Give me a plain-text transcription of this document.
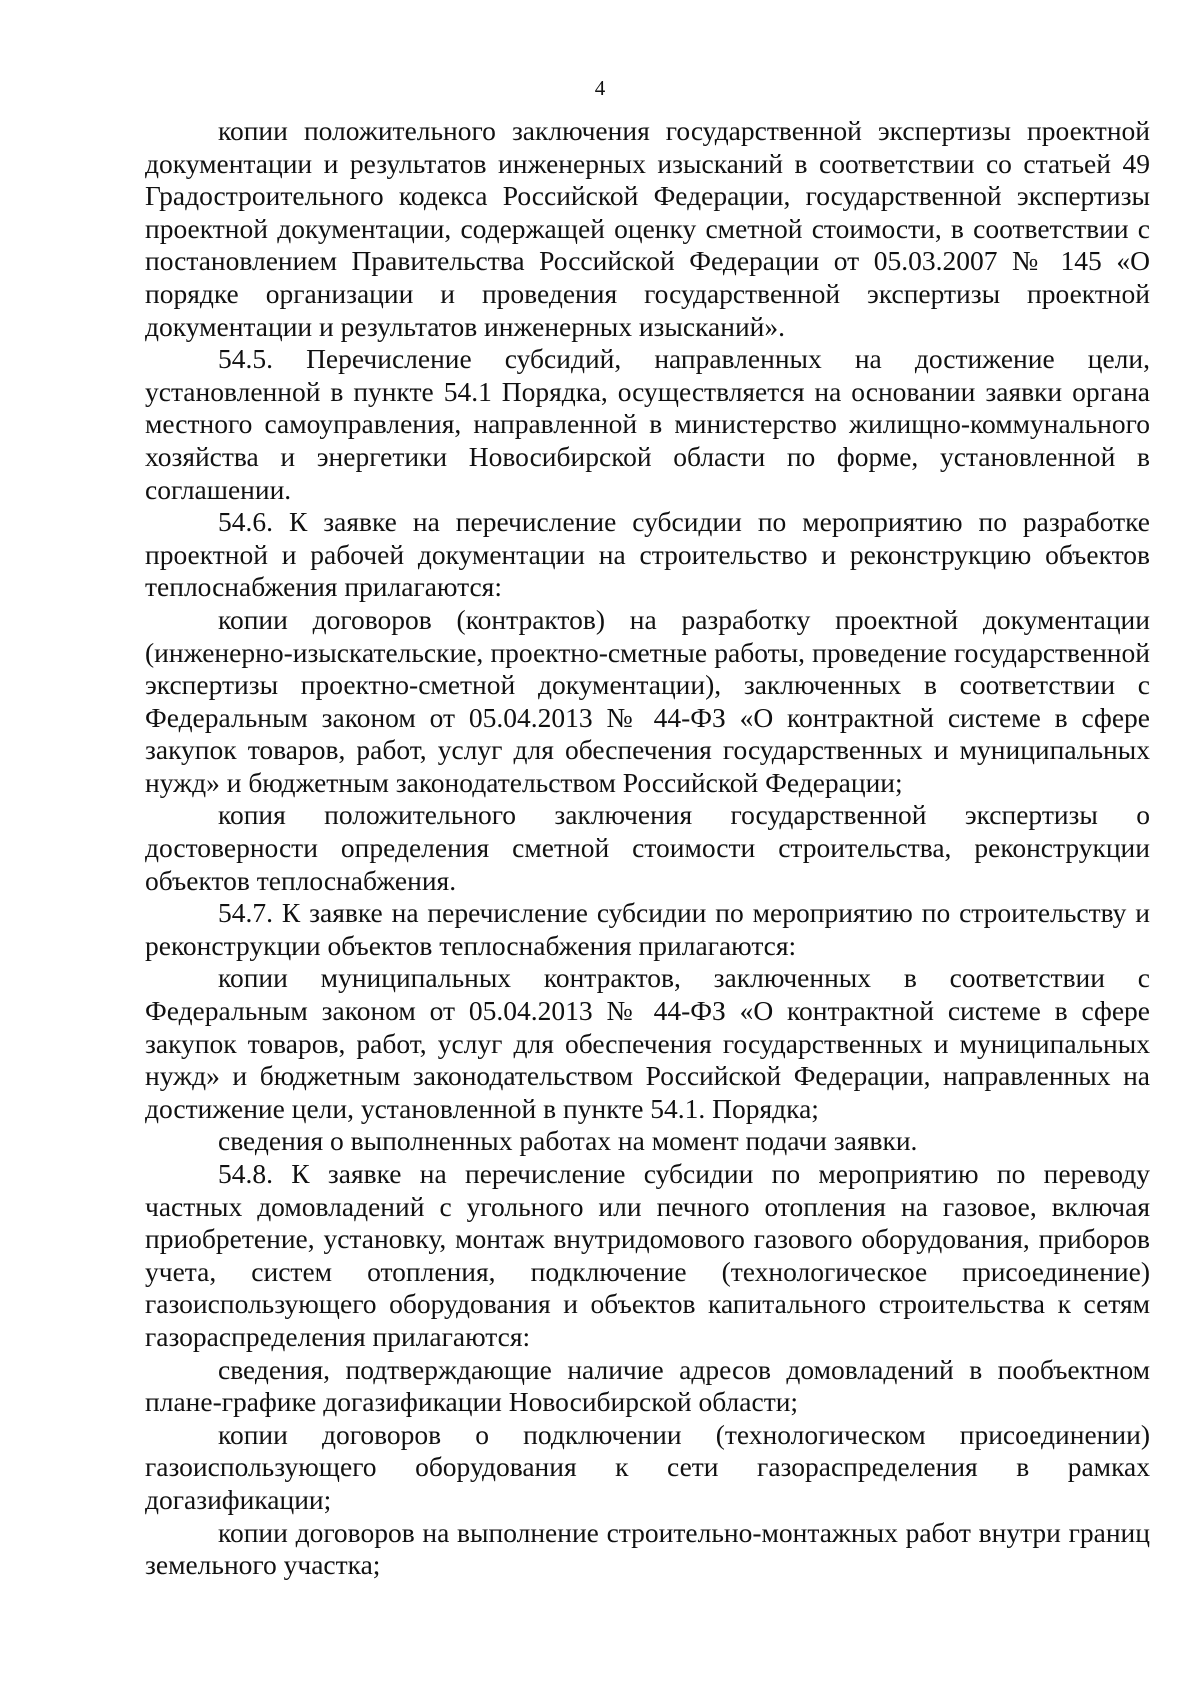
4

копии положительного заключения государственной экспертизы проектной документации и результатов инженерных изысканий в соответствии со статьей 49 Градостроительного кодекса Российской Федерации, государственной экспертизы проектной документации, содержащей оценку сметной стоимости, в соответствии с постановлением Правительства Российской Федерации от 05.03.2007 № 145 «О порядке организации и проведения государственной экспертизы проектной документации и результатов инженерных изысканий».

54.5. Перечисление субсидий, направленных на достижение цели, установленной в пункте 54.1 Порядка, осуществляется на основании заявки органа местного самоуправления, направленной в министерство жилищно-коммунального хозяйства и энергетики Новосибирской области по форме, установленной в соглашении.

54.6. К заявке на перечисление субсидии по мероприятию по разработке проектной и рабочей документации на строительство и реконструкцию объектов теплоснабжения прилагаются:

копии договоров (контрактов) на разработку проектной документации (инженерно-изыскательские, проектно-сметные работы, проведение государственной экспертизы проектно-сметной документации), заключенных в соответствии с Федеральным законом от 05.04.2013 № 44-ФЗ «О контрактной системе в сфере закупок товаров, работ, услуг для обеспечения государственных и муниципальных нужд» и бюджетным законодательством Российской Федерации;

копия положительного заключения государственной экспертизы о достоверности определения сметной стоимости строительства, реконструкции объектов теплоснабжения.

54.7. К заявке на перечисление субсидии по мероприятию по строительству и реконструкции объектов теплоснабжения прилагаются:

копии муниципальных контрактов, заключенных в соответствии с Федеральным законом от 05.04.2013 № 44-ФЗ «О контрактной системе в сфере закупок товаров, работ, услуг для обеспечения государственных и муниципальных нужд» и бюджетным законодательством Российской Федерации, направленных на достижение цели, установленной в пункте 54.1. Порядка;

сведения о выполненных работах на момент подачи заявки.

54.8. К заявке на перечисление субсидии по мероприятию по переводу частных домовладений с угольного или печного отопления на газовое, включая приобретение, установку, монтаж внутридомового газового оборудования, приборов учета, систем отопления, подключение (технологическое присоединение) газоиспользующего оборудования и объектов капитального строительства к сетям газораспределения прилагаются:

сведения, подтверждающие наличие адресов домовладений в пообъектном плане-графике догазификации Новосибирской области;

копии договоров о подключении (технологическом присоединении) газоиспользующего оборудования к сети газораспределения в рамках догазификации;

копии договоров на выполнение строительно-монтажных работ внутри границ земельного участка;
